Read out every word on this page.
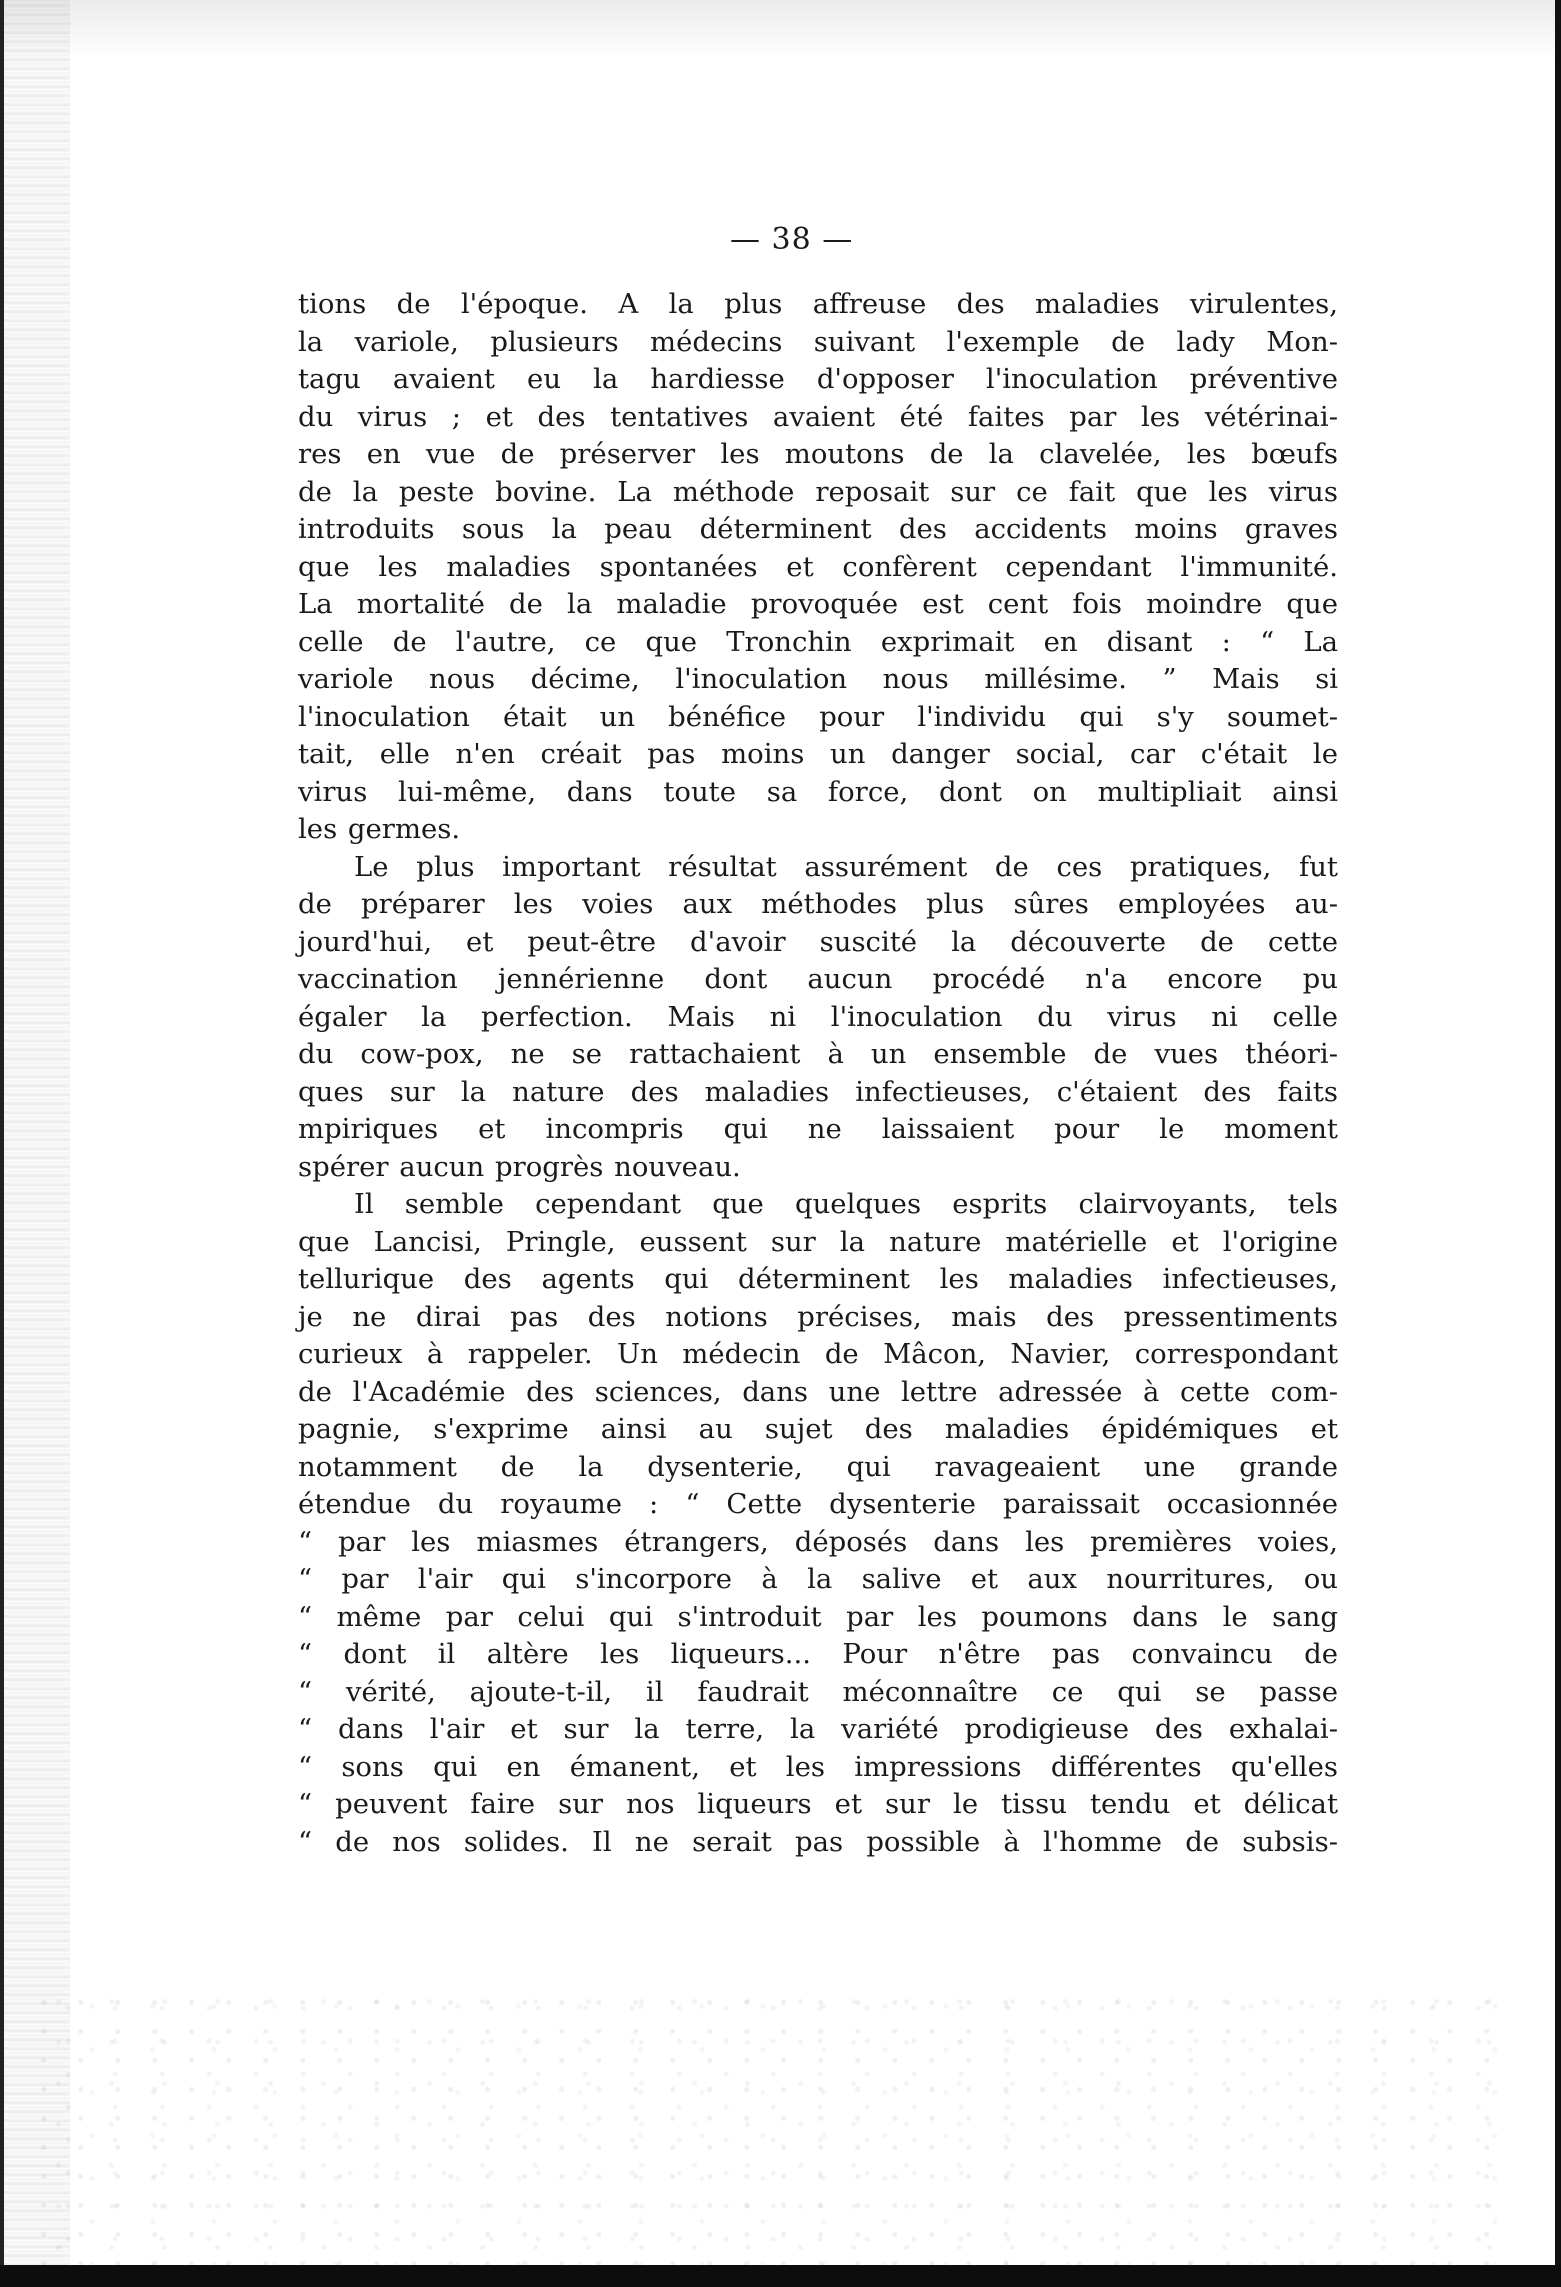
— 38 —
tions de l'époque. A la plus affreuse des maladies virulentes,
la variole, plusieurs médecins suivant l'exemple de lady Mon-
tagu avaient eu la hardiesse d'opposer l'inoculation préventive
du virus ; et des tentatives avaient été faites par les vétérinai-
res en vue de préserver les moutons de la clavelée, les bœufs
de la peste bovine. La méthode reposait sur ce fait que les virus
introduits sous la peau déterminent des accidents moins graves
que les maladies spontanées et confèrent cependant l'immunité.
La mortalité de la maladie provoquée est cent fois moindre que
celle de l'autre, ce que Tronchin exprimait en disant : “ La
variole nous décime, l'inoculation nous millésime. ” Mais si
l'inoculation était un bénéfice pour l'individu qui s'y soumet-
tait, elle n'en créait pas moins un danger social, car c'était le
virus lui-même, dans toute sa force, dont on multipliait ainsi
les germes.
Le plus important résultat assurément de ces pratiques, fut
de préparer les voies aux méthodes plus sûres employées au-
jourd'hui, et peut-être d'avoir suscité la découverte de cette
vaccination jennérienne dont aucun procédé n'a encore pu
égaler la perfection. Mais ni l'inoculation du virus ni celle
du cow-pox, ne se rattachaient à un ensemble de vues théori-
ques sur la nature des maladies infectieuses, c'étaient des faits
mpiriques et incompris qui ne laissaient pour le moment
spérer aucun progrès nouveau.
Il semble cependant que quelques esprits clairvoyants, tels
que Lancisi, Pringle, eussent sur la nature matérielle et l'origine
tellurique des agents qui déterminent les maladies infectieuses,
je ne dirai pas des notions précises, mais des pressentiments
curieux à rappeler. Un médecin de Mâcon, Navier, correspondant
de l'Académie des sciences, dans une lettre adressée à cette com-
pagnie, s'exprime ainsi au sujet des maladies épidémiques et
notamment de la dysenterie, qui ravageaient une grande
étendue du royaume : “ Cette dysenterie paraissait occasionnée
“ par les miasmes étrangers, déposés dans les premières voies,
“ par l'air qui s'incorpore à la salive et aux nourritures, ou
“ même par celui qui s'introduit par les poumons dans le sang
“ dont il altère les liqueurs... Pour n'être pas convaincu de
“ vérité, ajoute-t-il, il faudrait méconnaître ce qui se passe
“ dans l'air et sur la terre, la variété prodigieuse des exhalai-
“ sons qui en émanent, et les impressions différentes qu'elles
“ peuvent faire sur nos liqueurs et sur le tissu tendu et délicat
“ de nos solides. Il ne serait pas possible à l'homme de subsis-
